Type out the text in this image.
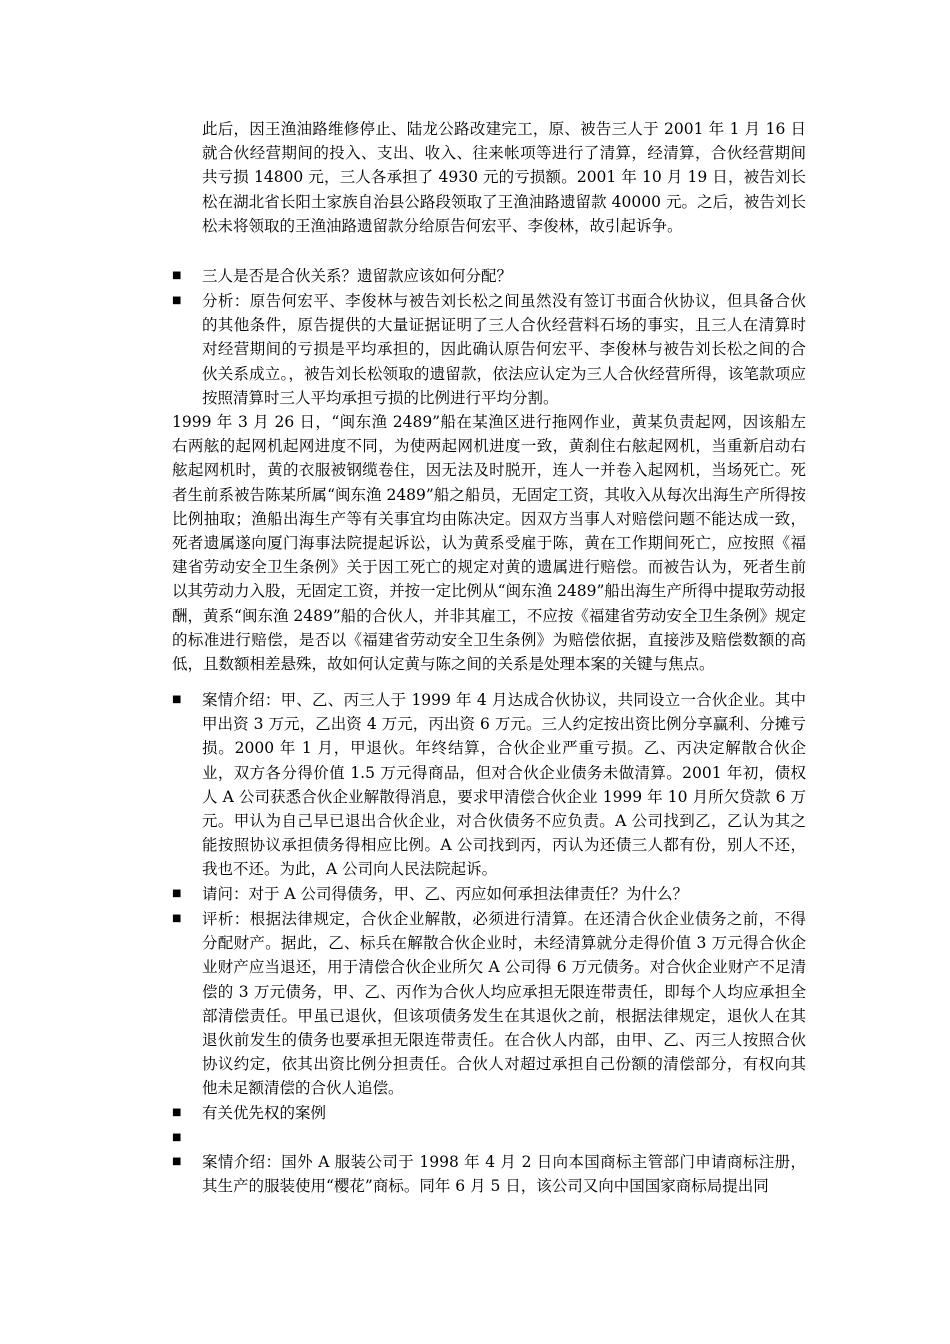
此后，因王渔油路维修停止、陆龙公路改建完工，原、被告三人于 2001 年 1 月 16 日就合伙经营期间的投入、支出、收入、往来帐项等进行了清算，经清算，合伙经营期间共亏损 14800 元，三人各承担了 4930 元的亏损额。2001 年 10 月 19 日，被告刘长松在湖北省长阳土家族自治县公路段领取了王渔油路遗留款 40000 元。之后，被告刘长松未将领取的王渔油路遗留款分给原告何宏平、李俊林，故引起诉争。
■	三人是否是合伙关系？遗留款应该如何分配？
■	分析：原告何宏平、李俊林与被告刘长松之间虽然没有签订书面合伙协议，但具备合伙的其他条件，原告提供的大量证据证明了三人合伙经营料石场的事实，且三人在清算时对经营期间的亏损是平均承担的，因此确认原告何宏平、李俊林与被告刘长松之间的合伙关系成立。，被告刘长松领取的遗留款，依法应认定为三人合伙经营所得，该笔款项应按照清算时三人平均承担亏损的比例进行平均分割。
1999 年 3 月 26 日，“闽东渔 2489”船在某渔区进行拖网作业，黄某负责起网，因该船左右两舷的起网机起网进度不同，为使两起网机进度一致，黄刹住右舷起网机，当重新启动右舷起网机时，黄的衣服被钢缆卷住，因无法及时脱开，连人一并卷入起网机，当场死亡。死者生前系被告陈某所属“闽东渔 2489”船之船员，无固定工资，其收入从每次出海生产所得按比例抽取；渔船出海生产等有关事宜均由陈决定。因双方当事人对赔偿问题不能达成一致，死者遗属遂向厦门海事法院提起诉讼，认为黄系受雇于陈，黄在工作期间死亡，应按照《福建省劳动安全卫生条例》关于因工死亡的规定对黄的遗属进行赔偿。而被告认为，死者生前以其劳动力入股，无固定工资，并按一定比例从“闽东渔 2489”船出海生产所得中提取劳动报酬，黄系“闽东渔 2489”船的合伙人，并非其雇工，不应按《福建省劳动安全卫生条例》规定的标准进行赔偿，是否以《福建省劳动安全卫生条例》为赔偿依据，直接涉及赔偿数额的高低，且数额相差悬殊，故如何认定黄与陈之间的关系是处理本案的关键与焦点。
■	案情介绍：甲、乙、丙三人于 1999 年 4 月达成合伙协议，共同设立一合伙企业。其中甲出资 3 万元，乙出资 4 万元，丙出资 6 万元。三人约定按出资比例分享赢利、分摊亏损。2000 年 1 月，甲退伙。年终结算，合伙企业严重亏损。乙、丙决定解散合伙企业，双方各分得价值 1.5 万元得商品，但对合伙企业债务未做清算。2001 年初，债权人 A 公司获悉合伙企业解散得消息，要求甲清偿合伙企业 1999 年 10 月所欠贷款 6 万元。甲认为自己早已退出合伙企业，对合伙债务不应负责。A 公司找到乙，乙认为其之能按照协议承担债务得相应比例。A 公司找到丙，丙认为还债三人都有份，别人不还，我也不还。为此，A 公司向人民法院起诉。
■	请问：对于 A 公司得债务，甲、乙、丙应如何承担法律责任？为什么？
■	评析：根据法律规定，合伙企业解散，必须进行清算。在还清合伙企业债务之前，不得分配财产。据此，乙、标兵在解散合伙企业时，未经清算就分走得价值 3 万元得合伙企业财产应当退还，用于清偿合伙企业所欠 A 公司得 6 万元债务。对合伙企业财产不足清偿的 3 万元债务，甲、乙、丙作为合伙人均应承担无限连带责任，即每个人均应承担全部清偿责任。甲虽已退伙，但该项债务发生在其退伙之前，根据法律规定，退伙人在其退伙前发生的债务也要承担无限连带责任。在合伙人内部，由甲、乙、丙三人按照合伙协议约定，依其出资比例分担责任。合伙人对超过承担自己份额的清偿部分，有权向其他未足额清偿的合伙人追偿。
■	有关优先权的案例
■
■	案情介绍：国外 A 服装公司于 1998 年 4 月 2 日向本国商标主管部门申请商标注册，其生产的服装使用“樱花”商标。同年 6 月 5 日，该公司又向中国国家商标局提出同
